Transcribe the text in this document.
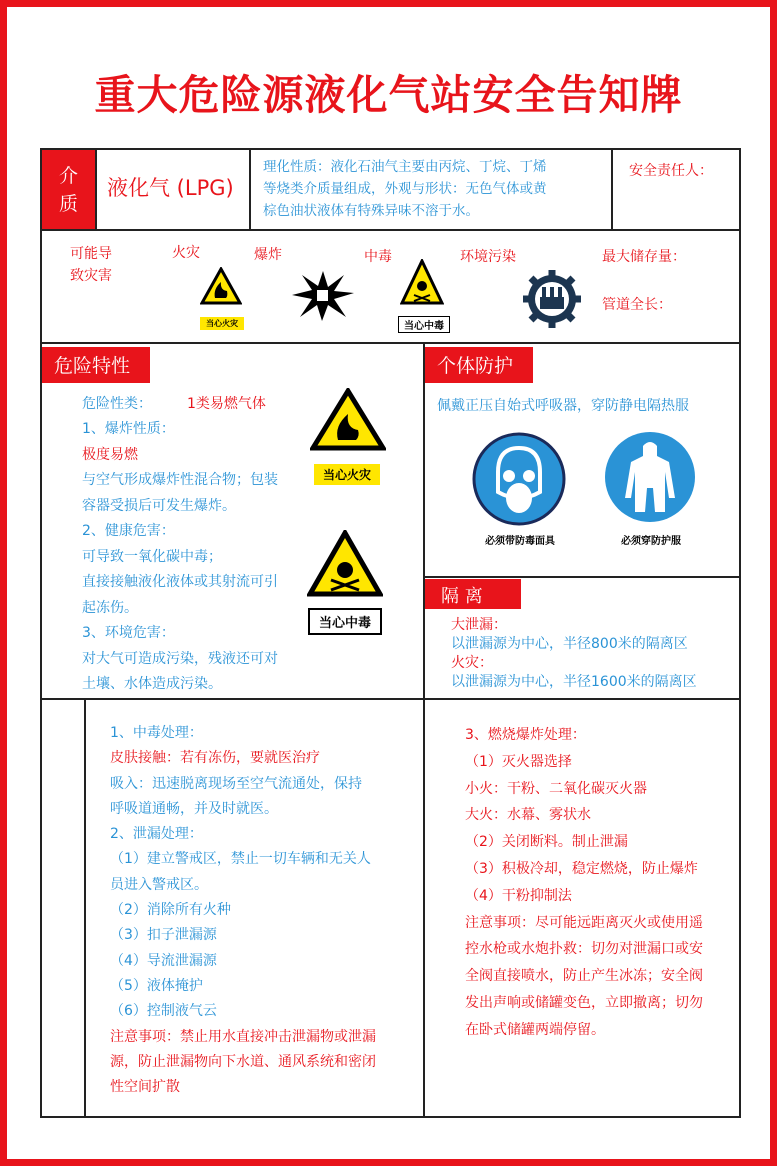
重大危险源液化气站安全告知牌
介质
液化气 (LPG)
理化性质：液化石油气主要由丙烷、丁烷、丁烯
等烧类介质量组成，外观与形状：无色气体或黄
棕色油状液体有特殊异味不溶于水。
安全责任人：
可能导
致灾害
火灾	爆炸	中毒	环境污染
当心火灾	当心中毒
最大储存量：
管道全长：
危险特性
危险性类：	1类易燃气体
1、爆炸性质：
极度易燃
与空气形成爆炸性混合物；包装
容器受损后可发生爆炸。
2、健康危害：
可导致一氧化碳中毒；
直接接触液化液体或其射流可引
起冻伤。
3、环境危害：
对大气可造成污染，残液还可对
土壤、水体造成污染。
当心火灾
当心中毒
个体防护
佩戴正压自始式呼吸器，穿防静电隔热服
必须带防毒面具	必须穿防护服
隔 离
大泄漏：
以泄漏源为中心，半径800米的隔离区
火灾：
以泄漏源为中心，半径1600米的隔离区
1、中毒处理：
皮肤接触：若有冻伤，要就医治疗
吸入：迅速脱离现场至空气流通处，保持
呼吸道通畅，并及时就医。
2、泄漏处理：
（1）建立警戒区，禁止一切车辆和无关人
员进入警戒区。
（2）消除所有火种
（3）扣子泄漏源
（4）导流泄漏源
（5）液体掩护
（6）控制液气云
注意事项：禁止用水直接冲击泄漏物或泄漏
源，防止泄漏物向下水道、通风系统和密闭
性空间扩散
3、燃烧爆炸处理：
（1）灭火器选择
小火：干粉、二氧化碳灭火器
大火：水幕、雾状水
（2）关闭断料。制止泄漏
（3）积极冷却，稳定燃烧，防止爆炸
（4）干粉抑制法
注意事项：尽可能远距离灭火或使用遥
控水枪或水炮扑救：切勿对泄漏口或安
全阀直接喷水，防止产生冰冻；安全阀
发出声响或储罐变色，立即撤离；切勿
在卧式储罐两端停留。
